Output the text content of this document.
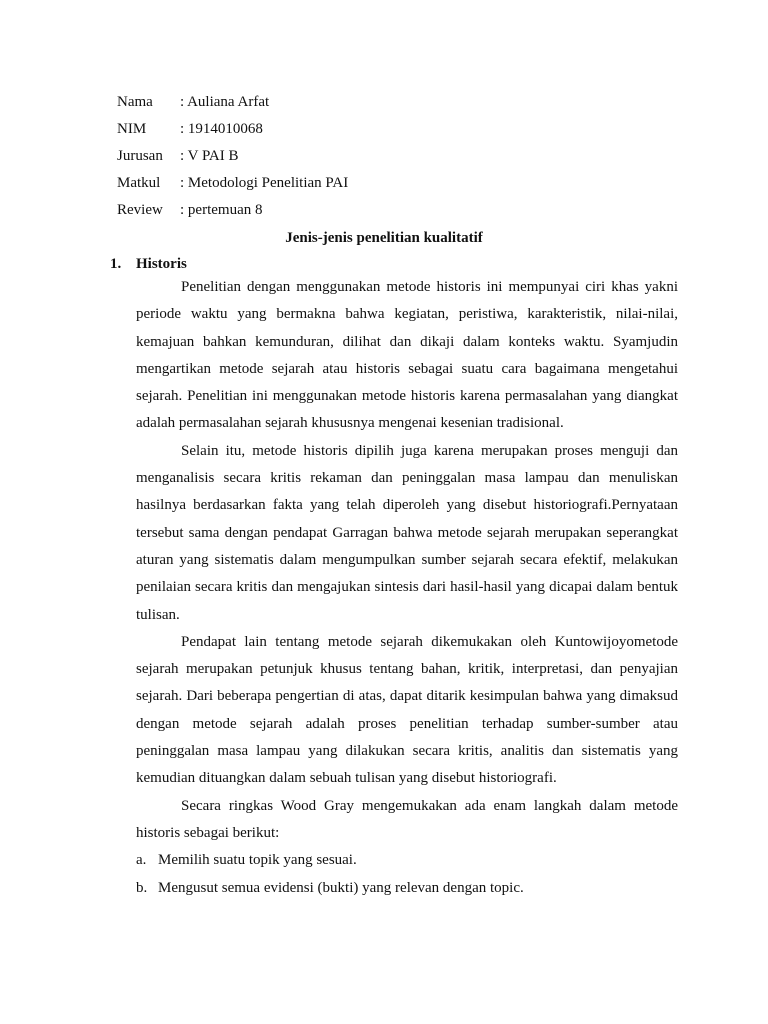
Nama	: Auliana Arfat
NIM	: 1914010068
Jurusan	: V PAI B
Matkul	: Metodologi Penelitian PAI
Review	: pertemuan 8
Jenis-jenis penelitian kualitatif
1. Historis

Penelitian dengan menggunakan metode historis ini mempunyai ciri khas yakni periode waktu yang bermakna bahwa kegiatan, peristiwa, karakteristik, nilai-nilai, kemajuan bahkan kemunduran, dilihat dan dikaji dalam konteks waktu. Syamjudin mengartikan metode sejarah atau historis sebagai suatu cara bagaimana mengetahui sejarah. Penelitian ini menggunakan metode historis karena permasalahan yang diangkat adalah permasalahan sejarah khususnya mengenai kesenian tradisional.

Selain itu, metode historis dipilih juga karena merupakan proses menguji dan menganalisis secara kritis rekaman dan peninggalan masa lampau dan menuliskan hasilnya berdasarkan fakta yang telah diperoleh yang disebut historiografi.Pernyataan tersebut sama dengan pendapat Garragan bahwa metode sejarah merupakan seperangkat aturan yang sistematis dalam mengumpulkan sumber sejarah secara efektif, melakukan penilaian secara kritis dan mengajukan sintesis dari hasil-hasil yang dicapai dalam bentuk tulisan.

Pendapat lain tentang metode sejarah dikemukakan oleh Kuntowijoyometode sejarah merupakan petunjuk khusus tentang bahan, kritik, interpretasi, dan penyajian sejarah. Dari beberapa pengertian di atas, dapat ditarik kesimpulan bahwa yang dimaksud dengan metode sejarah adalah proses penelitian terhadap sumber-sumber atau peninggalan masa lampau yang dilakukan secara kritis, analitis dan sistematis yang kemudian dituangkan dalam sebuah tulisan yang disebut historiografi.

Secara ringkas Wood Gray mengemukakan ada enam langkah dalam metode historis sebagai berikut:

a. Memilih suatu topik yang sesuai.
b. Mengusut semua evidensi (bukti) yang relevan dengan topic.
